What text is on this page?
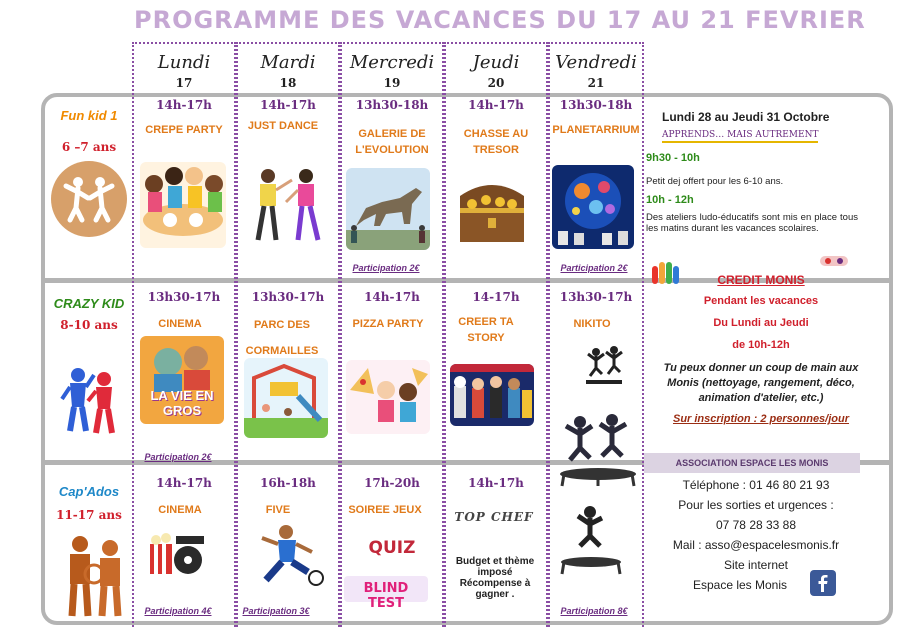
PROGRAMME DES VACANCES DU 17 AU 21 FEVRIER
Lundi
17
Mardi
18
Mercredi
19
Jeudi
20
Vendredi
21
Fun kid 1
6 –7 ans
14h-17h
CREPE PARTY
14h-17h
JUST DANCE
13h30-18h
GALERIE DE L'EVOLUTION
Participation 2€
14h-17h
CHASSE AU TRESOR
13h30-18h
PLANETARRIUM
Participation 2€
CRAZY KID
8-10 ans
13h30-17h
CINEMA
LA VIE EN GROS
Participation 2€
13h30-17h
PARC DES CORMAILLES
14h-17h
PIZZA PARTY
14-17h
CREER TA STORY
13h30-17h
NIKITO
Cap'Ados
11-17 ans
14h-17h
CINEMA
Participation 4€
16h-18h
FIVE
Participation 3€
17h-20h
SOIREE JEUX
QUIZ
BLIND TEST
14h-17h
TOP CHEF
Budget et thème imposé Récompense à gagner .
Participation 8€
Lundi 28 au Jeudi 31 Octobre
APPRENDS… MAIS AUTREMENT
9h30 - 10h
Petit dej offert pour les 6-10 ans.
10h - 12h
Des ateliers ludo-éducatifs sont mis en place tous les matins durant les vacances scolaires.
CREDIT MONIS
Pendant les vacances
Du Lundi au Jeudi
de 10h-12h
Tu peux donner un coup de main aux Monis (nettoyage, rangement, déco, animation d'atelier, etc.)
Sur inscription : 2 personnes/jour
ASSOCIATION ESPACE LES MONIS
Téléphone : 01 46 80 21 93
Pour les sorties et urgences :
07 78 28 33 88
Mail : asso@espacelesmonis.fr
Site internet
Espace les Monis
